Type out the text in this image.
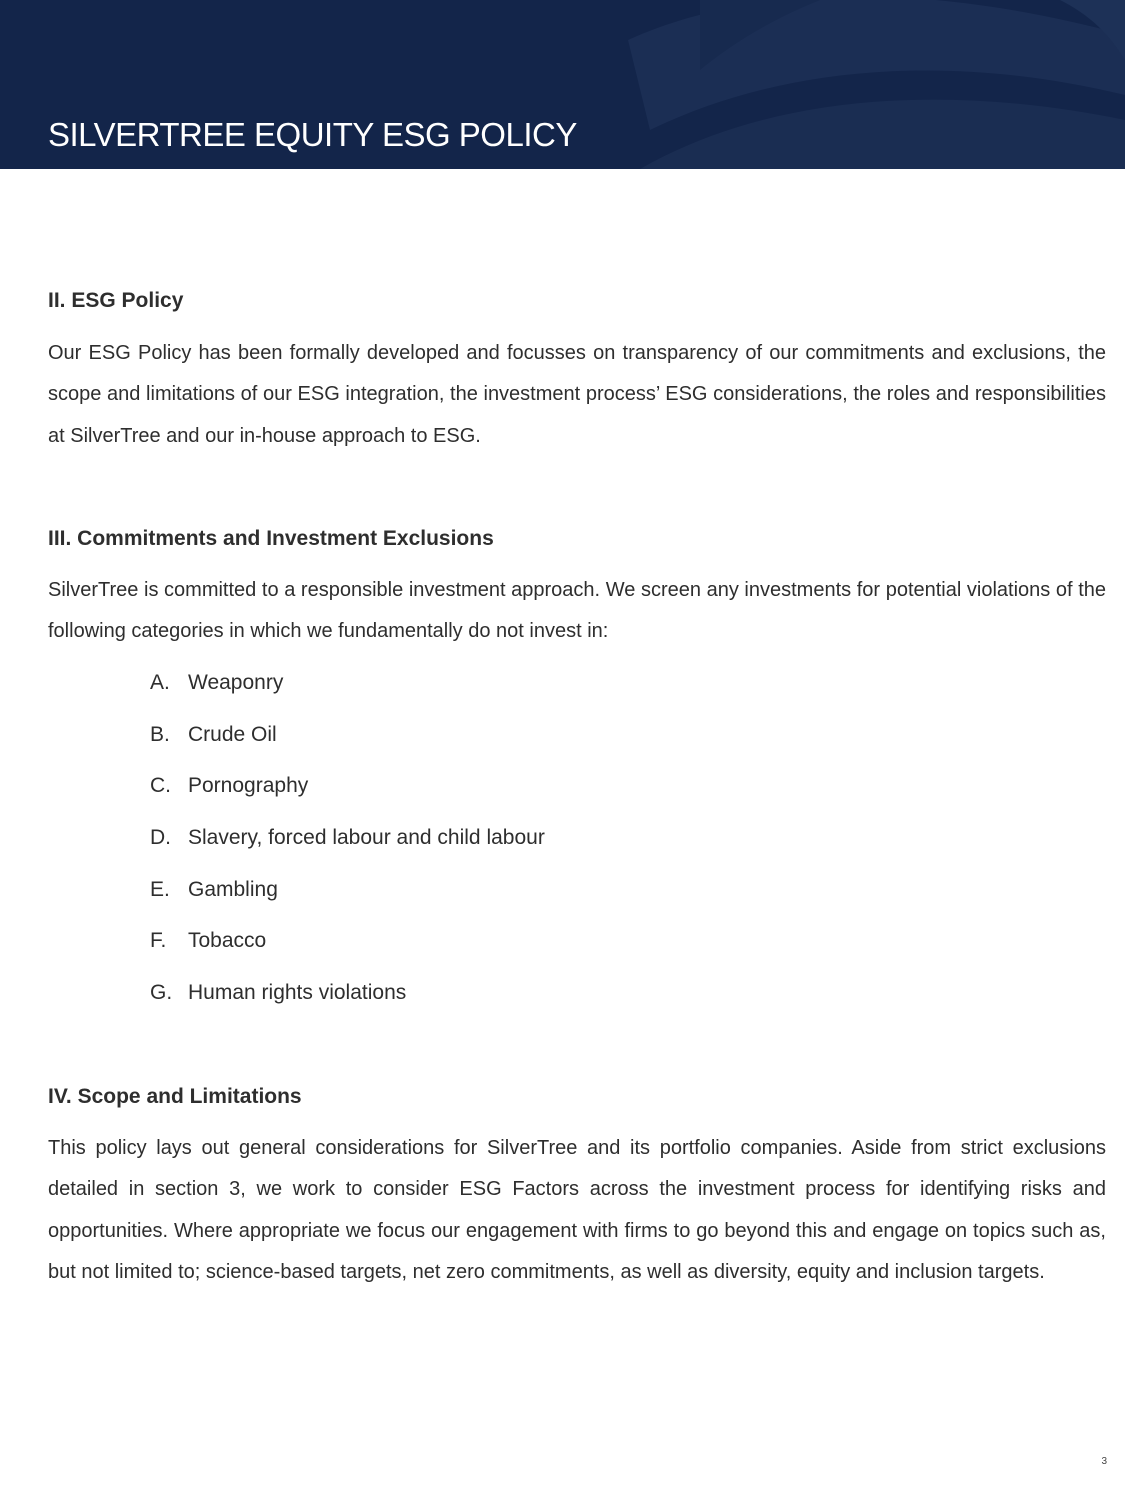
SILVERTREE EQUITY ESG POLICY
II. ESG Policy

Our ESG Policy has been formally developed and focusses on transparency of our commitments and exclusions, the scope and limitations of our ESG integration, the investment process’ ESG considerations, the roles and responsibilities at SilverTree and our in-house approach to ESG.

III. Commitments and Investment Exclusions

SilverTree is committed to a responsible investment approach. We screen any investments for potential violations of the following categories in which we fundamentally do not invest in:

A. Weaponry
B. Crude Oil
C. Pornography
D. Slavery, forced labour and child labour
E. Gambling
F. Tobacco
G. Human rights violations
IV. Scope and Limitations

This policy lays out general considerations for SilverTree and its portfolio companies. Aside from strict exclusions detailed in section 3, we work to consider ESG Factors across the investment process for identifying risks and opportunities. Where appropriate we focus our engagement with firms to go beyond this and engage on topics such as, but not limited to; science-based targets, net zero commitments, as well as diversity, equity and inclusion targets.

3
